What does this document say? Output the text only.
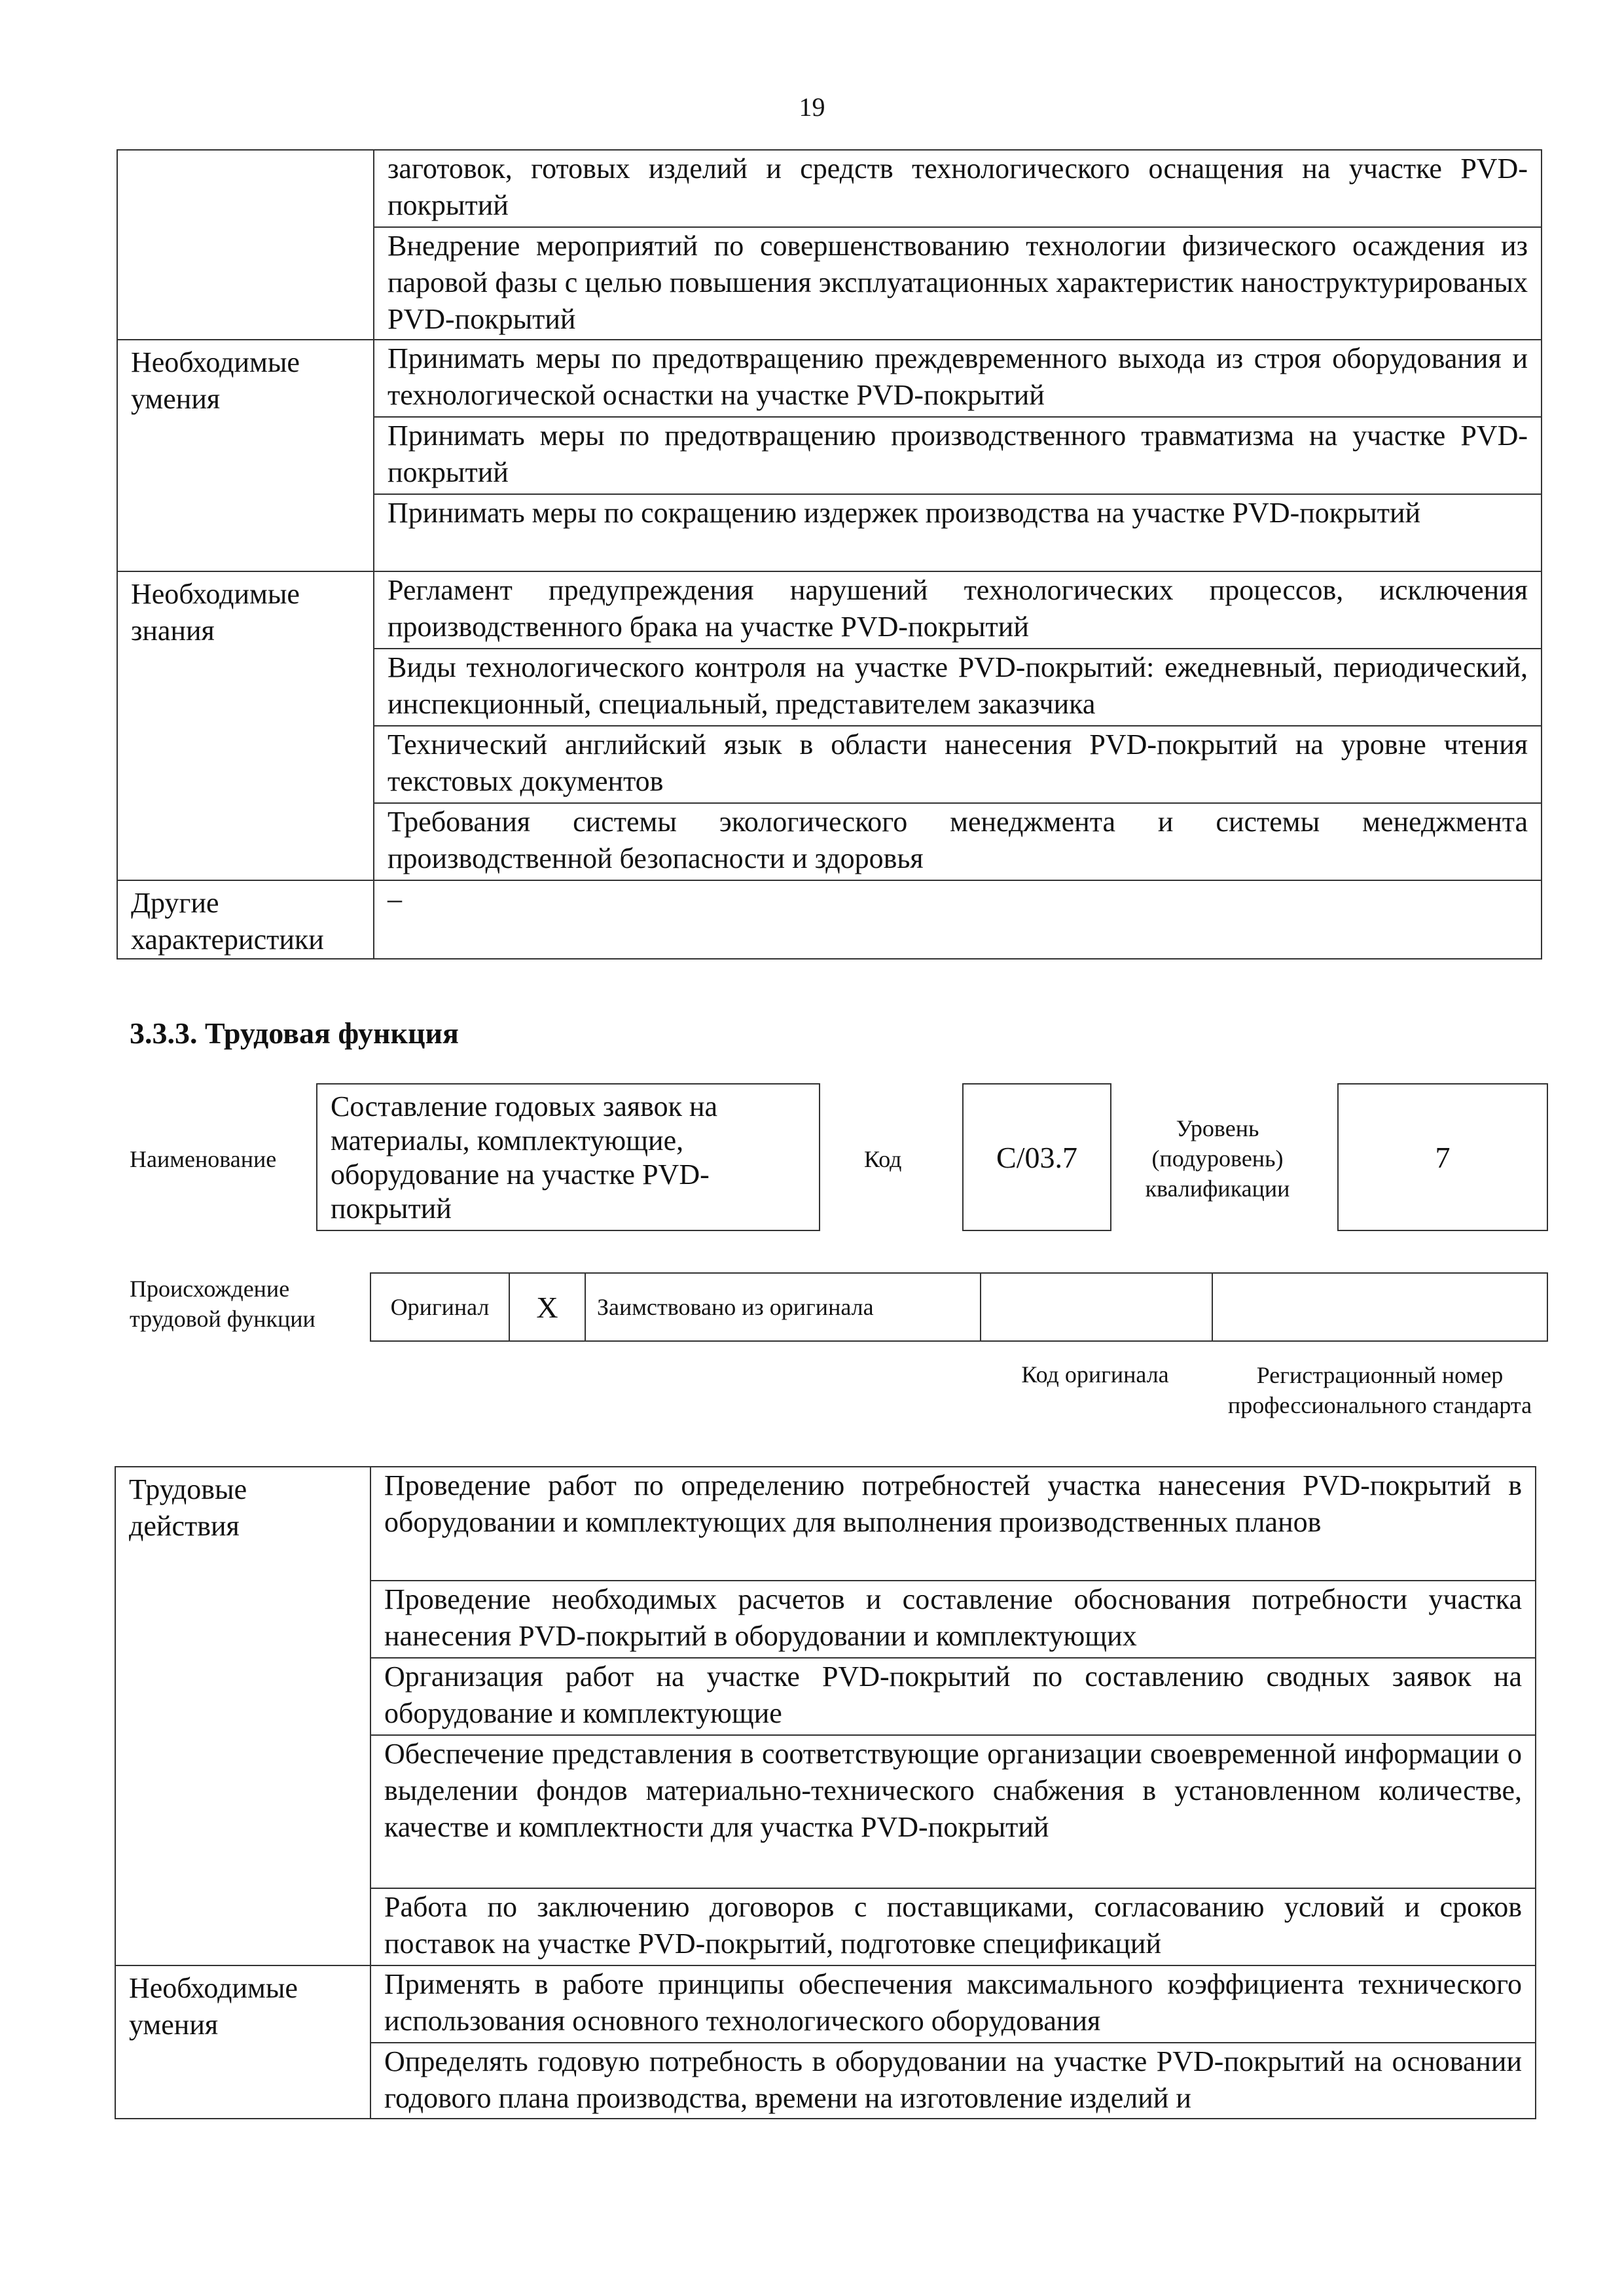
19
	заготовок, готовых изделий и средств технологического оснащения на участке PVD-покрытий
	Внедрение мероприятий по совершенствованию технологии физического осаждения из паровой фазы с целью повышения эксплуатационных характеристик наноструктурированых PVD-покрытий
Необходимые умения	Принимать меры по предотвращению преждевременного выхода из строя оборудования и технологической оснастки на участке PVD-покрытий
	Принимать меры по предотвращению производственного травматизма на участке PVD-покрытий
	Принимать меры по сокращению издержек производства на участке PVD-покрытий
Необходимые знания	Регламент предупреждения нарушений технологических процессов, исключения производственного брака на участке PVD-покрытий
	Виды технологического контроля на участке PVD-покрытий: ежедневный, периодический, инспекционный, специальный, представителем заказчика
	Технический английский язык в области нанесения PVD-покрытий на уровне чтения текстовых документов
	Требования системы экологического менеджмента и системы менеджмента производственной безопасности и здоровья
Другие характеристики	–
3.3.3. Трудовая функция
Наименование
Составление годовых заявок на материалы, комплектующие, оборудование на участке PVD-покрытий
Код	С/03.7
Уровень (подуровень) квалификации
7
Происхождение трудовой функции	Оригинал	Х	Заимствовано из оригинала
Код оригинала	Регистрационный номер профессионального стандарта
Трудовые действия	Проведение работ по определению потребностей участка нанесения PVD-покрытий в оборудовании и комплектующих для выполнения производственных планов
	Проведение необходимых расчетов и составление обоснования потребности участка нанесения PVD-покрытий в оборудовании и комплектующих
	Организация работ на участке PVD-покрытий по составлению сводных заявок на оборудование и комплектующие
	Обеспечение представления в соответствующие организации своевременной информации о выделении фондов материально-технического снабжения в установленном количестве, качестве и комплектности для участка PVD-покрытий
	Работа по заключению договоров с поставщиками, согласованию условий и сроков поставок на участке PVD-покрытий, подготовке спецификаций
Необходимые умения	Применять в работе принципы обеспечения максимального коэффициента технического использования основного технологического оборудования
	Определять годовую потребность в оборудовании на участке PVD-покрытий на основании годового плана производства, времени на изготовление изделий и
